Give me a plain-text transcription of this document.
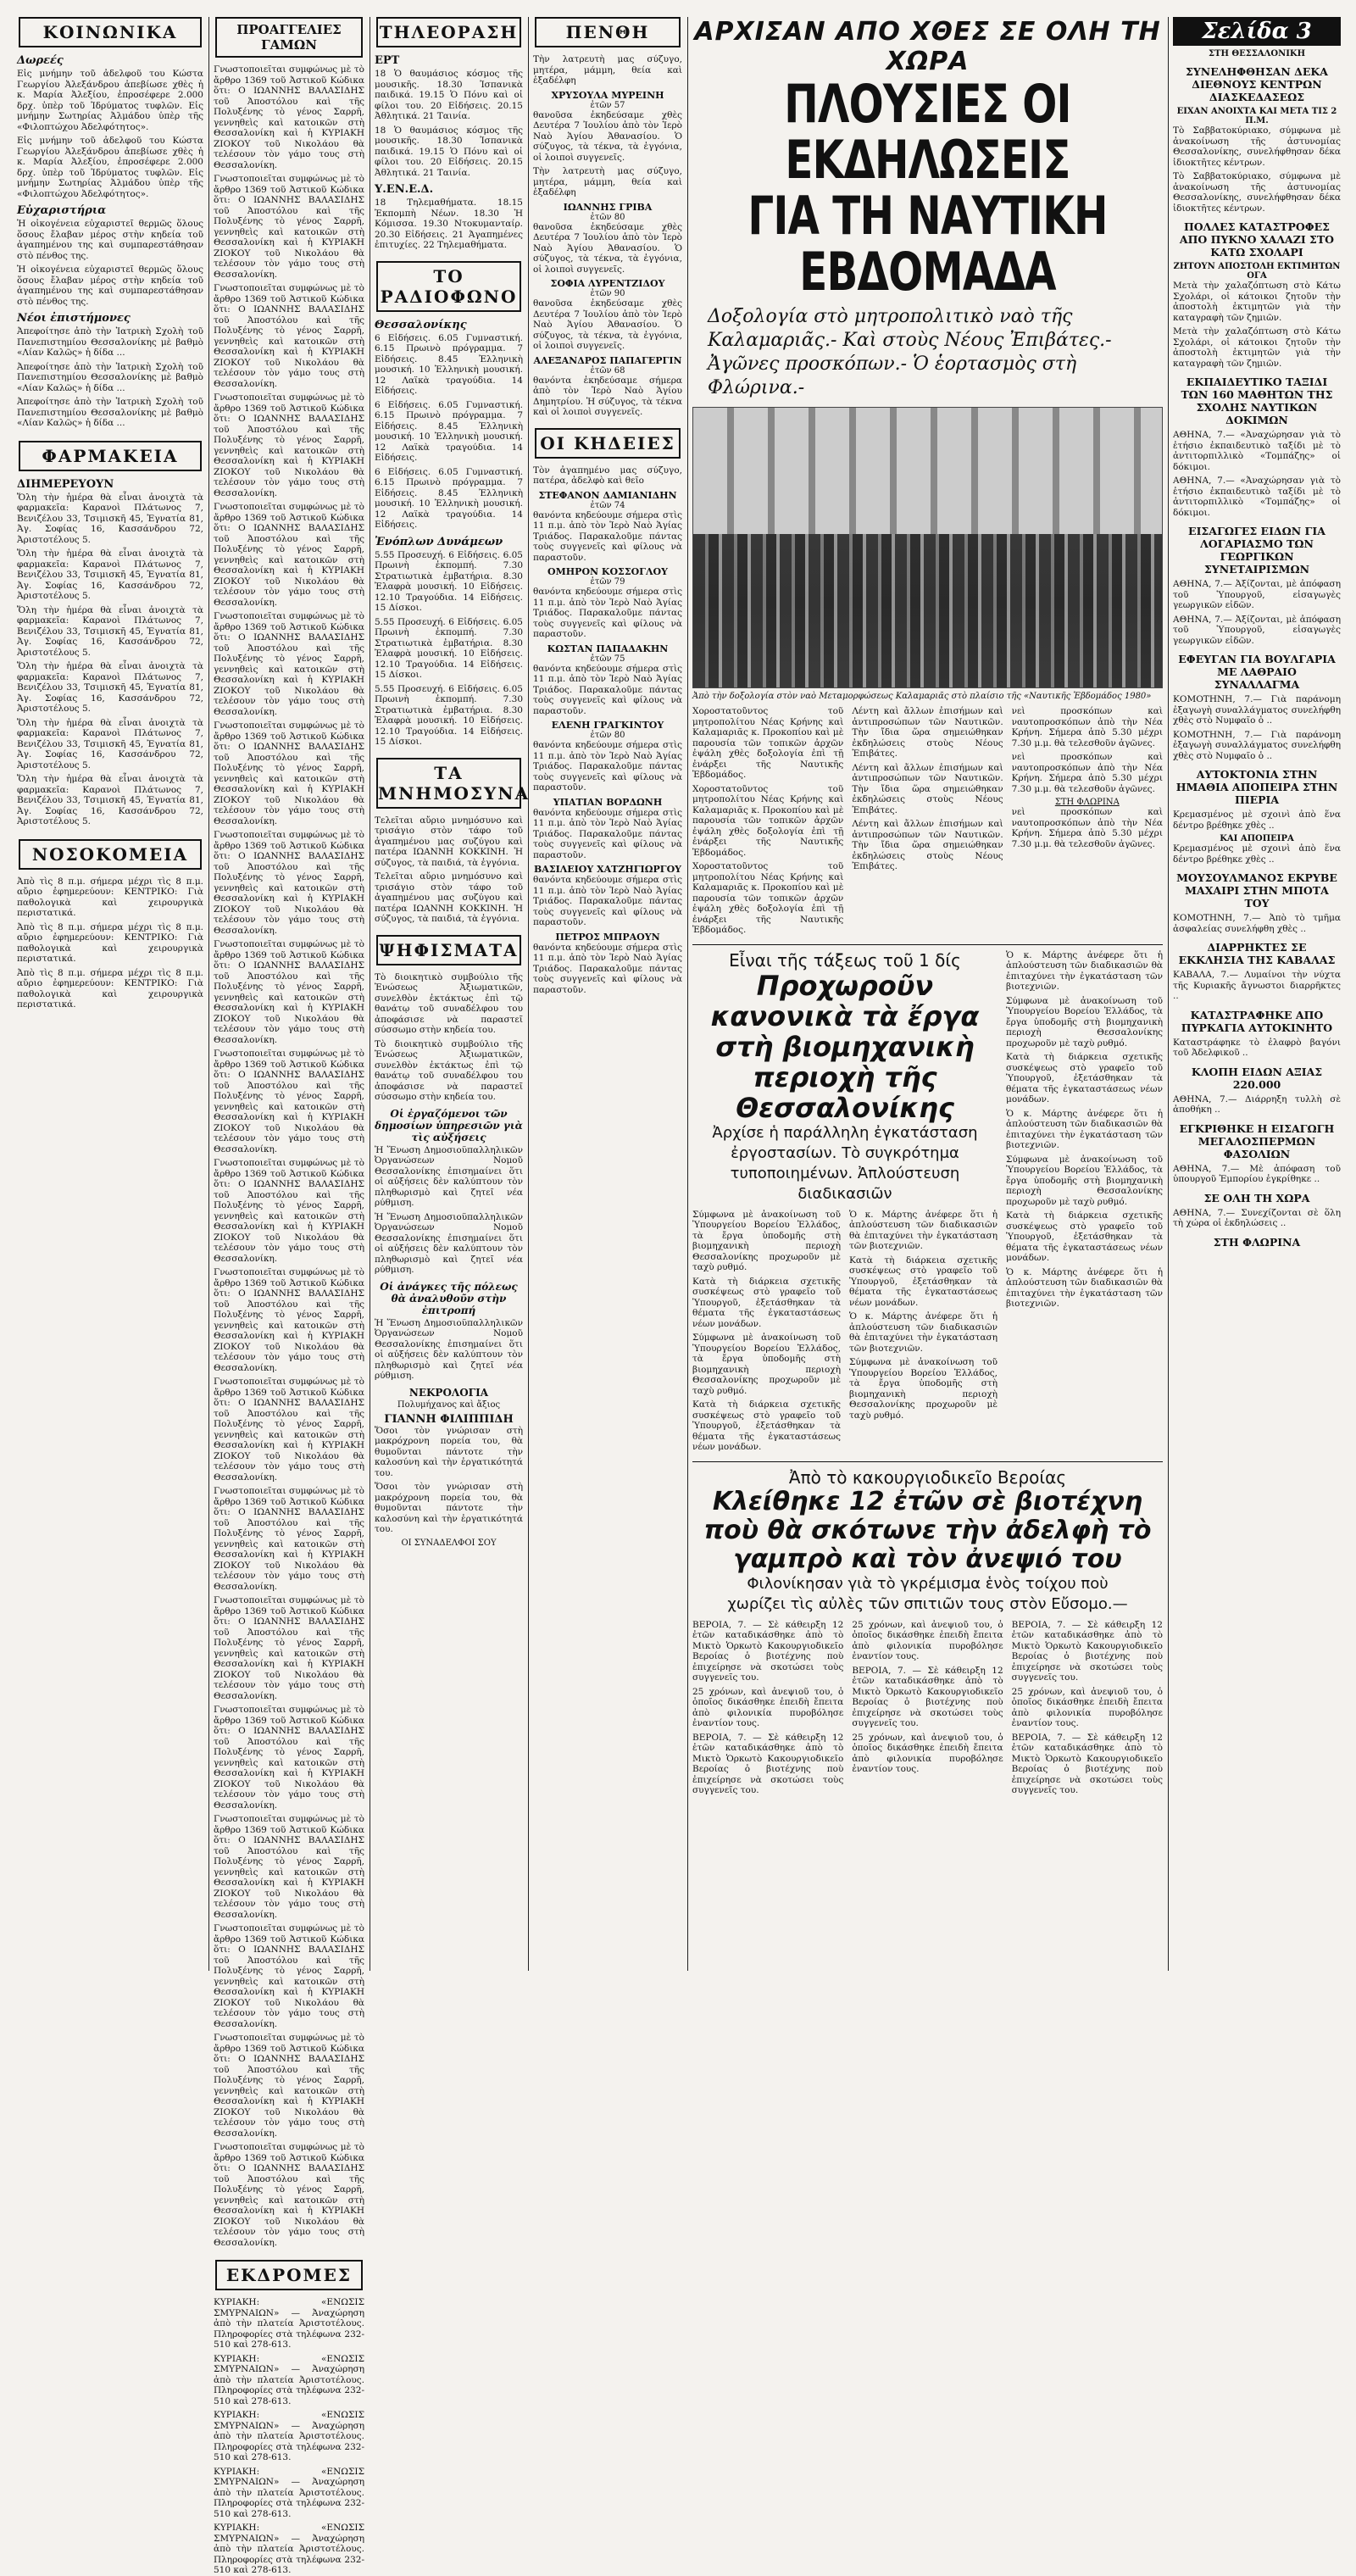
ΚΟΙΝΩΝΙΚΑ
Δωρεές

Εἰς μνήμην τοῦ ἀδελφοῦ του Κώστα Γεωργίου Ἀλεξάνδρου ἀπεβίωσε χθὲς ἡ κ. Μαρία Ἀλεξίου, ἐπροσέφερε 2.000 δρχ. ὑπὲρ τοῦ Ἰδρύματος τυφλῶν. Εἰς μνήμην Σωτηρίας Ἀλμάδου ὑπὲρ τῆς «Φιλοπτώχου Ἀδελφότητος».

Εἰς μνήμην τοῦ ἀδελφοῦ του Κώστα Γεωργίου Ἀλεξάνδρου ἀπεβίωσε χθὲς ἡ κ. Μαρία Ἀλεξίου, ἐπροσέφερε 2.000 δρχ. ὑπὲρ τοῦ Ἰδρύματος τυφλῶν. Εἰς μνήμην Σωτηρίας Ἀλμάδου ὑπὲρ τῆς «Φιλοπτώχου Ἀδελφότητος».

Εὐχαριστήρια

Ἡ οἰκογένεια εὐχαριστεῖ θερμῶς ὅλους ὅσους ἔλαβαν μέρος στὴν κηδεία τοῦ ἀγαπημένου της καὶ συμπαρεστάθησαν στὸ πένθος της.

Ἡ οἰκογένεια εὐχαριστεῖ θερμῶς ὅλους ὅσους ἔλαβαν μέρος στὴν κηδεία τοῦ ἀγαπημένου της καὶ συμπαρεστάθησαν στὸ πένθος της.

Νέοι ἐπιστήμονες

Ἀπεφοίτησε ἀπὸ τὴν Ἰατρικὴ Σχολὴ τοῦ Πανεπιστημίου Θεσσαλονίκης μὲ βαθμὸ «Λίαν Καλῶς» ἡ δίδα ...

Ἀπεφοίτησε ἀπὸ τὴν Ἰατρικὴ Σχολὴ τοῦ Πανεπιστημίου Θεσσαλονίκης μὲ βαθμὸ «Λίαν Καλῶς» ἡ δίδα ...

Ἀπεφοίτησε ἀπὸ τὴν Ἰατρικὴ Σχολὴ τοῦ Πανεπιστημίου Θεσσαλονίκης μὲ βαθμὸ «Λίαν Καλῶς» ἡ δίδα ...

ΦΑΡΜΑΚΕΙΑ
ΔΙΗΜΕΡΕΥΟΥΝ

Ὅλη τὴν ἡμέρα θὰ εἶναι ἀνοιχτὰ τὰ φαρμακεῖα: Καρανοὶ Πλάτωνος 7, Βενιζέλου 33, Τσιμισκῆ 45, Ἐγνατία 81, Ἀγ. Σοφίας 16, Κασσάνδρου 72, Ἀριστοτέλους 5.

Ὅλη τὴν ἡμέρα θὰ εἶναι ἀνοιχτὰ τὰ φαρμακεῖα: Καρανοὶ Πλάτωνος 7, Βενιζέλου 33, Τσιμισκῆ 45, Ἐγνατία 81, Ἀγ. Σοφίας 16, Κασσάνδρου 72, Ἀριστοτέλους 5.

Ὅλη τὴν ἡμέρα θὰ εἶναι ἀνοιχτὰ τὰ φαρμακεῖα: Καρανοὶ Πλάτωνος 7, Βενιζέλου 33, Τσιμισκῆ 45, Ἐγνατία 81, Ἀγ. Σοφίας 16, Κασσάνδρου 72, Ἀριστοτέλους 5.

Ὅλη τὴν ἡμέρα θὰ εἶναι ἀνοιχτὰ τὰ φαρμακεῖα: Καρανοὶ Πλάτωνος 7, Βενιζέλου 33, Τσιμισκῆ 45, Ἐγνατία 81, Ἀγ. Σοφίας 16, Κασσάνδρου 72, Ἀριστοτέλους 5.

Ὅλη τὴν ἡμέρα θὰ εἶναι ἀνοιχτὰ τὰ φαρμακεῖα: Καρανοὶ Πλάτωνος 7, Βενιζέλου 33, Τσιμισκῆ 45, Ἐγνατία 81, Ἀγ. Σοφίας 16, Κασσάνδρου 72, Ἀριστοτέλους 5.

Ὅλη τὴν ἡμέρα θὰ εἶναι ἀνοιχτὰ τὰ φαρμακεῖα: Καρανοὶ Πλάτωνος 7, Βενιζέλου 33, Τσιμισκῆ 45, Ἐγνατία 81, Ἀγ. Σοφίας 16, Κασσάνδρου 72, Ἀριστοτέλους 5.

ΝΟΣΟΚΟΜΕΙΑ

Ἀπὸ τὶς 8 π.μ. σήμερα μέχρι τὶς 8 π.μ. αὔριο ἐφημερεύουν: ΚΕΝΤΡΙΚΟ: Γιὰ παθολογικὰ καὶ χειρουργικὰ περιστατικά.

Ἀπὸ τὶς 8 π.μ. σήμερα μέχρι τὶς 8 π.μ. αὔριο ἐφημερεύουν: ΚΕΝΤΡΙΚΟ: Γιὰ παθολογικὰ καὶ χειρουργικὰ περιστατικά.

Ἀπὸ τὶς 8 π.μ. σήμερα μέχρι τὶς 8 π.μ. αὔριο ἐφημερεύουν: ΚΕΝΤΡΙΚΟ: Γιὰ παθολογικὰ καὶ χειρουργικὰ περιστατικά.

ΠΡΟΑΓΓΕΛΙΕΣ ΓΑΜΩΝ

Γνωστοποιεῖται συμφώνως μὲ τὸ ἄρθρο 1369 τοῦ Ἀστικοῦ Κώδικα ὅτι: Ο ΙΩΑΝΝΗΣ ΒΑΛΑΣΙΔΗΣ τοῦ Ἀποστόλου καὶ τῆς Πολυξένης τὸ γένος Σαρρῆ, γεννηθεὶς καὶ κατοικῶν στὴ Θεσσαλονίκη καὶ ἡ ΚΥΡΙΑΚΗ ΖΙΟΚΟΥ τοῦ Νικολάου θὰ τελέσουν τὸν γάμο τους στὴ Θεσσαλονίκη.

Γνωστοποιεῖται συμφώνως μὲ τὸ ἄρθρο 1369 τοῦ Ἀστικοῦ Κώδικα ὅτι: Ο ΙΩΑΝΝΗΣ ΒΑΛΑΣΙΔΗΣ τοῦ Ἀποστόλου καὶ τῆς Πολυξένης τὸ γένος Σαρρῆ, γεννηθεὶς καὶ κατοικῶν στὴ Θεσσαλονίκη καὶ ἡ ΚΥΡΙΑΚΗ ΖΙΟΚΟΥ τοῦ Νικολάου θὰ τελέσουν τὸν γάμο τους στὴ Θεσσαλονίκη.

Γνωστοποιεῖται συμφώνως μὲ τὸ ἄρθρο 1369 τοῦ Ἀστικοῦ Κώδικα ὅτι: Ο ΙΩΑΝΝΗΣ ΒΑΛΑΣΙΔΗΣ τοῦ Ἀποστόλου καὶ τῆς Πολυξένης τὸ γένος Σαρρῆ, γεννηθεὶς καὶ κατοικῶν στὴ Θεσσαλονίκη καὶ ἡ ΚΥΡΙΑΚΗ ΖΙΟΚΟΥ τοῦ Νικολάου θὰ τελέσουν τὸν γάμο τους στὴ Θεσσαλονίκη.

Γνωστοποιεῖται συμφώνως μὲ τὸ ἄρθρο 1369 τοῦ Ἀστικοῦ Κώδικα ὅτι: Ο ΙΩΑΝΝΗΣ ΒΑΛΑΣΙΔΗΣ τοῦ Ἀποστόλου καὶ τῆς Πολυξένης τὸ γένος Σαρρῆ, γεννηθεὶς καὶ κατοικῶν στὴ Θεσσαλονίκη καὶ ἡ ΚΥΡΙΑΚΗ ΖΙΟΚΟΥ τοῦ Νικολάου θὰ τελέσουν τὸν γάμο τους στὴ Θεσσαλονίκη.

Γνωστοποιεῖται συμφώνως μὲ τὸ ἄρθρο 1369 τοῦ Ἀστικοῦ Κώδικα ὅτι: Ο ΙΩΑΝΝΗΣ ΒΑΛΑΣΙΔΗΣ τοῦ Ἀποστόλου καὶ τῆς Πολυξένης τὸ γένος Σαρρῆ, γεννηθεὶς καὶ κατοικῶν στὴ Θεσσαλονίκη καὶ ἡ ΚΥΡΙΑΚΗ ΖΙΟΚΟΥ τοῦ Νικολάου θὰ τελέσουν τὸν γάμο τους στὴ Θεσσαλονίκη.

Γνωστοποιεῖται συμφώνως μὲ τὸ ἄρθρο 1369 τοῦ Ἀστικοῦ Κώδικα ὅτι: Ο ΙΩΑΝΝΗΣ ΒΑΛΑΣΙΔΗΣ τοῦ Ἀποστόλου καὶ τῆς Πολυξένης τὸ γένος Σαρρῆ, γεννηθεὶς καὶ κατοικῶν στὴ Θεσσαλονίκη καὶ ἡ ΚΥΡΙΑΚΗ ΖΙΟΚΟΥ τοῦ Νικολάου θὰ τελέσουν τὸν γάμο τους στὴ Θεσσαλονίκη.

Γνωστοποιεῖται συμφώνως μὲ τὸ ἄρθρο 1369 τοῦ Ἀστικοῦ Κώδικα ὅτι: Ο ΙΩΑΝΝΗΣ ΒΑΛΑΣΙΔΗΣ τοῦ Ἀποστόλου καὶ τῆς Πολυξένης τὸ γένος Σαρρῆ, γεννηθεὶς καὶ κατοικῶν στὴ Θεσσαλονίκη καὶ ἡ ΚΥΡΙΑΚΗ ΖΙΟΚΟΥ τοῦ Νικολάου θὰ τελέσουν τὸν γάμο τους στὴ Θεσσαλονίκη.

Γνωστοποιεῖται συμφώνως μὲ τὸ ἄρθρο 1369 τοῦ Ἀστικοῦ Κώδικα ὅτι: Ο ΙΩΑΝΝΗΣ ΒΑΛΑΣΙΔΗΣ τοῦ Ἀποστόλου καὶ τῆς Πολυξένης τὸ γένος Σαρρῆ, γεννηθεὶς καὶ κατοικῶν στὴ Θεσσαλονίκη καὶ ἡ ΚΥΡΙΑΚΗ ΖΙΟΚΟΥ τοῦ Νικολάου θὰ τελέσουν τὸν γάμο τους στὴ Θεσσαλονίκη.

Γνωστοποιεῖται συμφώνως μὲ τὸ ἄρθρο 1369 τοῦ Ἀστικοῦ Κώδικα ὅτι: Ο ΙΩΑΝΝΗΣ ΒΑΛΑΣΙΔΗΣ τοῦ Ἀποστόλου καὶ τῆς Πολυξένης τὸ γένος Σαρρῆ, γεννηθεὶς καὶ κατοικῶν στὴ Θεσσαλονίκη καὶ ἡ ΚΥΡΙΑΚΗ ΖΙΟΚΟΥ τοῦ Νικολάου θὰ τελέσουν τὸν γάμο τους στὴ Θεσσαλονίκη.

Γνωστοποιεῖται συμφώνως μὲ τὸ ἄρθρο 1369 τοῦ Ἀστικοῦ Κώδικα ὅτι: Ο ΙΩΑΝΝΗΣ ΒΑΛΑΣΙΔΗΣ τοῦ Ἀποστόλου καὶ τῆς Πολυξένης τὸ γένος Σαρρῆ, γεννηθεὶς καὶ κατοικῶν στὴ Θεσσαλονίκη καὶ ἡ ΚΥΡΙΑΚΗ ΖΙΟΚΟΥ τοῦ Νικολάου θὰ τελέσουν τὸν γάμο τους στὴ Θεσσαλονίκη.

Γνωστοποιεῖται συμφώνως μὲ τὸ ἄρθρο 1369 τοῦ Ἀστικοῦ Κώδικα ὅτι: Ο ΙΩΑΝΝΗΣ ΒΑΛΑΣΙΔΗΣ τοῦ Ἀποστόλου καὶ τῆς Πολυξένης τὸ γένος Σαρρῆ, γεννηθεὶς καὶ κατοικῶν στὴ Θεσσαλονίκη καὶ ἡ ΚΥΡΙΑΚΗ ΖΙΟΚΟΥ τοῦ Νικολάου θὰ τελέσουν τὸν γάμο τους στὴ Θεσσαλονίκη.

Γνωστοποιεῖται συμφώνως μὲ τὸ ἄρθρο 1369 τοῦ Ἀστικοῦ Κώδικα ὅτι: Ο ΙΩΑΝΝΗΣ ΒΑΛΑΣΙΔΗΣ τοῦ Ἀποστόλου καὶ τῆς Πολυξένης τὸ γένος Σαρρῆ, γεννηθεὶς καὶ κατοικῶν στὴ Θεσσαλονίκη καὶ ἡ ΚΥΡΙΑΚΗ ΖΙΟΚΟΥ τοῦ Νικολάου θὰ τελέσουν τὸν γάμο τους στὴ Θεσσαλονίκη.

Γνωστοποιεῖται συμφώνως μὲ τὸ ἄρθρο 1369 τοῦ Ἀστικοῦ Κώδικα ὅτι: Ο ΙΩΑΝΝΗΣ ΒΑΛΑΣΙΔΗΣ τοῦ Ἀποστόλου καὶ τῆς Πολυξένης τὸ γένος Σαρρῆ, γεννηθεὶς καὶ κατοικῶν στὴ Θεσσαλονίκη καὶ ἡ ΚΥΡΙΑΚΗ ΖΙΟΚΟΥ τοῦ Νικολάου θὰ τελέσουν τὸν γάμο τους στὴ Θεσσαλονίκη.

Γνωστοποιεῖται συμφώνως μὲ τὸ ἄρθρο 1369 τοῦ Ἀστικοῦ Κώδικα ὅτι: Ο ΙΩΑΝΝΗΣ ΒΑΛΑΣΙΔΗΣ τοῦ Ἀποστόλου καὶ τῆς Πολυξένης τὸ γένος Σαρρῆ, γεννηθεὶς καὶ κατοικῶν στὴ Θεσσαλονίκη καὶ ἡ ΚΥΡΙΑΚΗ ΖΙΟΚΟΥ τοῦ Νικολάου θὰ τελέσουν τὸν γάμο τους στὴ Θεσσαλονίκη.

Γνωστοποιεῖται συμφώνως μὲ τὸ ἄρθρο 1369 τοῦ Ἀστικοῦ Κώδικα ὅτι: Ο ΙΩΑΝΝΗΣ ΒΑΛΑΣΙΔΗΣ τοῦ Ἀποστόλου καὶ τῆς Πολυξένης τὸ γένος Σαρρῆ, γεννηθεὶς καὶ κατοικῶν στὴ Θεσσαλονίκη καὶ ἡ ΚΥΡΙΑΚΗ ΖΙΟΚΟΥ τοῦ Νικολάου θὰ τελέσουν τὸν γάμο τους στὴ Θεσσαλονίκη.

Γνωστοποιεῖται συμφώνως μὲ τὸ ἄρθρο 1369 τοῦ Ἀστικοῦ Κώδικα ὅτι: Ο ΙΩΑΝΝΗΣ ΒΑΛΑΣΙΔΗΣ τοῦ Ἀποστόλου καὶ τῆς Πολυξένης τὸ γένος Σαρρῆ, γεννηθεὶς καὶ κατοικῶν στὴ Θεσσαλονίκη καὶ ἡ ΚΥΡΙΑΚΗ ΖΙΟΚΟΥ τοῦ Νικολάου θὰ τελέσουν τὸν γάμο τους στὴ Θεσσαλονίκη.

Γνωστοποιεῖται συμφώνως μὲ τὸ ἄρθρο 1369 τοῦ Ἀστικοῦ Κώδικα ὅτι: Ο ΙΩΑΝΝΗΣ ΒΑΛΑΣΙΔΗΣ τοῦ Ἀποστόλου καὶ τῆς Πολυξένης τὸ γένος Σαρρῆ, γεννηθεὶς καὶ κατοικῶν στὴ Θεσσαλονίκη καὶ ἡ ΚΥΡΙΑΚΗ ΖΙΟΚΟΥ τοῦ Νικολάου θὰ τελέσουν τὸν γάμο τους στὴ Θεσσαλονίκη.

Γνωστοποιεῖται συμφώνως μὲ τὸ ἄρθρο 1369 τοῦ Ἀστικοῦ Κώδικα ὅτι: Ο ΙΩΑΝΝΗΣ ΒΑΛΑΣΙΔΗΣ τοῦ Ἀποστόλου καὶ τῆς Πολυξένης τὸ γένος Σαρρῆ, γεννηθεὶς καὶ κατοικῶν στὴ Θεσσαλονίκη καὶ ἡ ΚΥΡΙΑΚΗ ΖΙΟΚΟΥ τοῦ Νικολάου θὰ τελέσουν τὸν γάμο τους στὴ Θεσσαλονίκη.

Γνωστοποιεῖται συμφώνως μὲ τὸ ἄρθρο 1369 τοῦ Ἀστικοῦ Κώδικα ὅτι: Ο ΙΩΑΝΝΗΣ ΒΑΛΑΣΙΔΗΣ τοῦ Ἀποστόλου καὶ τῆς Πολυξένης τὸ γένος Σαρρῆ, γεννηθεὶς καὶ κατοικῶν στὴ Θεσσαλονίκη καὶ ἡ ΚΥΡΙΑΚΗ ΖΙΟΚΟΥ τοῦ Νικολάου θὰ τελέσουν τὸν γάμο τους στὴ Θεσσαλονίκη.

Γνωστοποιεῖται συμφώνως μὲ τὸ ἄρθρο 1369 τοῦ Ἀστικοῦ Κώδικα ὅτι: Ο ΙΩΑΝΝΗΣ ΒΑΛΑΣΙΔΗΣ τοῦ Ἀποστόλου καὶ τῆς Πολυξένης τὸ γένος Σαρρῆ, γεννηθεὶς καὶ κατοικῶν στὴ Θεσσαλονίκη καὶ ἡ ΚΥΡΙΑΚΗ ΖΙΟΚΟΥ τοῦ Νικολάου θὰ τελέσουν τὸν γάμο τους στὴ Θεσσαλονίκη.

ΕΚΔΡΟΜΕΣ

ΚΥΡΙΑΚΗ: «ΕΝΩΣΙΣ ΣΜΥΡΝΑΙΩΝ» — Ἀναχώρηση ἀπὸ τὴν πλατεία Ἀριστοτέλους. Πληροφορίες στὰ τηλέφωνα 232-510 καὶ 278-613.

ΚΥΡΙΑΚΗ: «ΕΝΩΣΙΣ ΣΜΥΡΝΑΙΩΝ» — Ἀναχώρηση ἀπὸ τὴν πλατεία Ἀριστοτέλους. Πληροφορίες στὰ τηλέφωνα 232-510 καὶ 278-613.

ΚΥΡΙΑΚΗ: «ΕΝΩΣΙΣ ΣΜΥΡΝΑΙΩΝ» — Ἀναχώρηση ἀπὸ τὴν πλατεία Ἀριστοτέλους. Πληροφορίες στὰ τηλέφωνα 232-510 καὶ 278-613.

ΚΥΡΙΑΚΗ: «ΕΝΩΣΙΣ ΣΜΥΡΝΑΙΩΝ» — Ἀναχώρηση ἀπὸ τὴν πλατεία Ἀριστοτέλους. Πληροφορίες στὰ τηλέφωνα 232-510 καὶ 278-613.

ΚΥΡΙΑΚΗ: «ΕΝΩΣΙΣ ΣΜΥΡΝΑΙΩΝ» — Ἀναχώρηση ἀπὸ τὴν πλατεία Ἀριστοτέλους. Πληροφορίες στὰ τηλέφωνα 232-510 καὶ 278-613.

ΤΗΛΕΟΡΑΣΗ
ΕΡΤ

18 Ὁ θαυμάσιος κόσμος τῆς μουσικῆς. 18.30 Ἰσπανικὰ παιδικά. 19.15 Ὁ Πόνυ καὶ οἱ φίλοι του. 20 Εἰδήσεις. 20.15 Ἀθλητικά. 21 Ταινία.

18 Ὁ θαυμάσιος κόσμος τῆς μουσικῆς. 18.30 Ἰσπανικὰ παιδικά. 19.15 Ὁ Πόνυ καὶ οἱ φίλοι του. 20 Εἰδήσεις. 20.15 Ἀθλητικά. 21 Ταινία.

Υ.ΕΝ.Ε.Δ.

18 Τηλεμαθήματα. 18.15 Ἐκπομπὴ Νέων. 18.30 Ἡ Κόμισσα. 19.30 Ντοκυμανταίρ. 20.30 Εἰδήσεις. 21 Ἀγαπημένες ἐπιτυχίες. 22 Τηλεμαθήματα.

ΤΟ ΡΑΔΙΟΦΩΝΟ
Θεσσαλονίκης

6 Εἰδήσεις. 6.05 Γυμναστική. 6.15 Πρωινὸ πρόγραμμα. 7 Εἰδήσεις. 8.45 Ἐλληνικὴ μουσική. 10 Ἐλληνικὴ μουσική. 12 Λαϊκὰ τραγούδια. 14 Εἰδήσεις.

6 Εἰδήσεις. 6.05 Γυμναστική. 6.15 Πρωινὸ πρόγραμμα. 7 Εἰδήσεις. 8.45 Ἐλληνικὴ μουσική. 10 Ἐλληνικὴ μουσική. 12 Λαϊκὰ τραγούδια. 14 Εἰδήσεις.

6 Εἰδήσεις. 6.05 Γυμναστική. 6.15 Πρωινὸ πρόγραμμα. 7 Εἰδήσεις. 8.45 Ἐλληνικὴ μουσική. 10 Ἐλληνικὴ μουσική. 12 Λαϊκὰ τραγούδια. 14 Εἰδήσεις.

Ἐνόπλων Δυνάμεων

5.55 Προσευχή. 6 Εἰδήσεις. 6.05 Πρωινὴ ἐκπομπή. 7.30 Στρατιωτικὰ ἐμβατήρια. 8.30 Ἐλαφρὰ μουσική. 10 Εἰδήσεις. 12.10 Τραγούδια. 14 Εἰδήσεις. 15 Δίσκοι.

5.55 Προσευχή. 6 Εἰδήσεις. 6.05 Πρωινὴ ἐκπομπή. 7.30 Στρατιωτικὰ ἐμβατήρια. 8.30 Ἐλαφρὰ μουσική. 10 Εἰδήσεις. 12.10 Τραγούδια. 14 Εἰδήσεις. 15 Δίσκοι.

5.55 Προσευχή. 6 Εἰδήσεις. 6.05 Πρωινὴ ἐκπομπή. 7.30 Στρατιωτικὰ ἐμβατήρια. 8.30 Ἐλαφρὰ μουσική. 10 Εἰδήσεις. 12.10 Τραγούδια. 14 Εἰδήσεις. 15 Δίσκοι.

ΤΑ ΜΝΗΜΟΣΥΝΑ

Τελεῖται αὔριο μνημόσυνο καὶ τρισάγιο στὸν τάφο τοῦ ἀγαπημένου μας συζύγου καὶ πατέρα ΙΩΑΝΝΗ ΚΟΚΚΙΝΗ. Ἡ σύζυγος, τὰ παιδιά, τὰ ἐγγόνια.

Τελεῖται αὔριο μνημόσυνο καὶ τρισάγιο στὸν τάφο τοῦ ἀγαπημένου μας συζύγου καὶ πατέρα ΙΩΑΝΝΗ ΚΟΚΚΙΝΗ. Ἡ σύζυγος, τὰ παιδιά, τὰ ἐγγόνια.

ΨΗΦΙΣΜΑΤΑ

Τὸ διοικητικὸ συμβούλιο τῆς Ἑνώσεως Ἀξιωματικῶν, συνελθὸν ἐκτάκτως ἐπὶ τῷ θανάτῳ τοῦ συναδέλφου του ἀποφάσισε νὰ παραστεῖ σύσσωμο στὴν κηδεία του.

Τὸ διοικητικὸ συμβούλιο τῆς Ἑνώσεως Ἀξιωματικῶν, συνελθὸν ἐκτάκτως ἐπὶ τῷ θανάτῳ τοῦ συναδέλφου του ἀποφάσισε νὰ παραστεῖ σύσσωμο στὴν κηδεία του.

Οἱ ἐργαζόμενοι τῶν δημοσίων ὑπηρεσιῶν γιὰ τὶς αὐξήσεις

Ἡ Ἕνωση Δημοσιοϋπαλληλικῶν Ὀργανώσεων Νομοῦ Θεσσαλονίκης ἐπισημαίνει ὅτι οἱ αὐξήσεις δὲν καλύπτουν τὸν πληθωρισμὸ καὶ ζητεῖ νέα ρύθμιση.

Ἡ Ἕνωση Δημοσιοϋπαλληλικῶν Ὀργανώσεων Νομοῦ Θεσσαλονίκης ἐπισημαίνει ὅτι οἱ αὐξήσεις δὲν καλύπτουν τὸν πληθωρισμὸ καὶ ζητεῖ νέα ρύθμιση.

Οἱ ἀνάγκες τῆς πόλεως θὰ ἀναλυθοῦν στὴν ἐπιτροπή

Ἡ Ἕνωση Δημοσιοϋπαλληλικῶν Ὀργανώσεων Νομοῦ Θεσσαλονίκης ἐπισημαίνει ὅτι οἱ αὐξήσεις δὲν καλύπτουν τὸν πληθωρισμὸ καὶ ζητεῖ νέα ρύθμιση.

ΝΕΚΡΟΛΟΓΙΑ
Πολυμήχανος καὶ ἄξιος
ΓΙΑΝΝΗ ΦΙΛΙΠΠΙΔΗ

Ὅσοι τὸν γνώρισαν στὴ μακρόχρονη πορεία του, θὰ θυμοῦνται πάντοτε τὴν καλοσύνη καὶ τὴν ἐργατικότητά του.

Ὅσοι τὸν γνώρισαν στὴ μακρόχρονη πορεία του, θὰ θυμοῦνται πάντοτε τὴν καλοσύνη καὶ τὴν ἐργατικότητά του.

ΟΙ ΣΥΝΑΔΕΛΦΟΙ ΣΟΥ
ΠΕΝΘΗ

Τὴν λατρευτὴ μας σύζυγο, μητέρα, μάμμη, θεία καὶ ἐξαδέλφη

ΧΡΥΣΟΥΛΑ ΜΥΡΕΙΝΗ
ἐτῶν 57

θανοῦσα ἐκηδεύσαμε χθὲς Δευτέρα 7 Ἰουλίου ἀπὸ τὸν Ἱερὸ Ναὸ Ἁγίου Ἀθανασίου. Ὁ σύζυγος, τὰ τέκνα, τὰ ἐγγόνια, οἱ λοιποὶ συγγενεῖς.

Τὴν λατρευτὴ μας σύζυγο, μητέρα, μάμμη, θεία καὶ ἐξαδέλφη

ΙΩΑΝΝΗΣ ΓΡΙΒΑ
ἐτῶν 80

θανοῦσα ἐκηδεύσαμε χθὲς Δευτέρα 7 Ἰουλίου ἀπὸ τὸν Ἱερὸ Ναὸ Ἁγίου Ἀθανασίου. Ὁ σύζυγος, τὰ τέκνα, τὰ ἐγγόνια, οἱ λοιποὶ συγγενεῖς.

ΣΟΦΙΑ ΛΥΡΕΝΤΖΙΔΟΥ
ἐτῶν 90

θανοῦσα ἐκηδεύσαμε χθὲς Δευτέρα 7 Ἰουλίου ἀπὸ τὸν Ἱερὸ Ναὸ Ἁγίου Ἀθανασίου. Ὁ σύζυγος, τὰ τέκνα, τὰ ἐγγόνια, οἱ λοιποὶ συγγενεῖς.

ΑΛΕΞΑΝΔΡΟΣ ΠΑΠΑΓΕΡΓΙΝ
ἐτῶν 68

θανόντα ἐκηδεύσαμε σήμερα ἀπὸ τὸν Ἱερὸ Ναὸ Ἁγίου Δημητρίου. Ἡ σύζυγος, τὰ τέκνα καὶ οἱ λοιποὶ συγγενεῖς.

ΟΙ ΚΗΔΕΙΕΣ

Τὸν ἀγαπημένο μας σύζυγο, πατέρα, ἀδελφὸ καὶ θεῖο

ΣΤΕΦΑΝΟΝ ΔΑΜΙΑΝΙΔΗΝ
ἐτῶν 74

θανόντα κηδεύουμε σήμερα στὶς 11 π.μ. ἀπὸ τὸν Ἱερὸ Ναὸ Ἁγίας Τριάδος. Παρακαλοῦμε πάντας τοὺς συγγενεῖς καὶ φίλους νὰ παραστοῦν.

ΟΜΗΡΟΝ ΚΟΣΣΟΓΛΟΥ
ἐτῶν 79

θανόντα κηδεύουμε σήμερα στὶς 11 π.μ. ἀπὸ τὸν Ἱερὸ Ναὸ Ἁγίας Τριάδος. Παρακαλοῦμε πάντας τοὺς συγγενεῖς καὶ φίλους νὰ παραστοῦν.

ΚΩΣΤΑΝ ΠΑΠΑΔΑΚΗΝ
ἐτῶν 75

θανόντα κηδεύουμε σήμερα στὶς 11 π.μ. ἀπὸ τὸν Ἱερὸ Ναὸ Ἁγίας Τριάδος. Παρακαλοῦμε πάντας τοὺς συγγενεῖς καὶ φίλους νὰ παραστοῦν.

ΕΛΕΝΗ ΓΡΑΓΚΙΝΤΟΥ
ἐτῶν 80

θανόντα κηδεύουμε σήμερα στὶς 11 π.μ. ἀπὸ τὸν Ἱερὸ Ναὸ Ἁγίας Τριάδος. Παρακαλοῦμε πάντας τοὺς συγγενεῖς καὶ φίλους νὰ παραστοῦν.

ΥΠΑΤΙΑΝ ΒΟΡΔΩΝΗ

θανόντα κηδεύουμε σήμερα στὶς 11 π.μ. ἀπὸ τὸν Ἱερὸ Ναὸ Ἁγίας Τριάδος. Παρακαλοῦμε πάντας τοὺς συγγενεῖς καὶ φίλους νὰ παραστοῦν.

ΒΑΣΙΛΕΙΟΥ ΧΑΤΖΗΓΙΩΡΓΟΥ

θανόντα κηδεύουμε σήμερα στὶς 11 π.μ. ἀπὸ τὸν Ἱερὸ Ναὸ Ἁγίας Τριάδος. Παρακαλοῦμε πάντας τοὺς συγγενεῖς καὶ φίλους νὰ παραστοῦν.

ΠΕΤΡΟΣ ΜΠΡΑΟΥΝ

θανόντα κηδεύουμε σήμερα στὶς 11 π.μ. ἀπὸ τὸν Ἱερὸ Ναὸ Ἁγίας Τριάδος. Παρακαλοῦμε πάντας τοὺς συγγενεῖς καὶ φίλους νὰ παραστοῦν.

ΑΡΧΙΣΑΝ ΑΠΟ ΧΘΕΣ ΣΕ ΟΛΗ ΤΗ ΧΩΡΑ
ΠΛΟΥΣΙΕΣ ΟΙ ΕΚΔΗΛΩΣΕΙΣ
ΓΙΑ ΤΗ ΝΑΥΤΙΚΗ ΕΒΔΟΜΑΔΑ
Δοξολογία στὸ μητροπολιτικὸ ναὸ τῆς Καλαμαριᾶς.- Καὶ στοὺς Νέους Ἐπιβάτες.- Ἀγῶνες προσκόπων.- Ὁ ἑορτασμὸς στὴ Φλώρινα.-
Ἀπὸ τὴν δοξολογία στὸν ναὸ Μεταμορφώσεως Καλαμαριᾶς στὸ πλαίσιο τῆς «Ναυτικῆς Ἑβδομάδος 1980»

Χοροστατοῦντος τοῦ μητροπολίτου Νέας Κρήνης καὶ Καλαμαριᾶς κ. Προκοπίου καὶ μὲ παρουσία τῶν τοπικῶν ἀρχῶν ἐψάλη χθὲς δοξολογία ἐπὶ τῇ ἐνάρξει τῆς Ναυτικῆς Ἑβδομάδος.

Χοροστατοῦντος τοῦ μητροπολίτου Νέας Κρήνης καὶ Καλαμαριᾶς κ. Προκοπίου καὶ μὲ παρουσία τῶν τοπικῶν ἀρχῶν ἐψάλη χθὲς δοξολογία ἐπὶ τῇ ἐνάρξει τῆς Ναυτικῆς Ἑβδομάδος.

Χοροστατοῦντος τοῦ μητροπολίτου Νέας Κρήνης καὶ Καλαμαριᾶς κ. Προκοπίου καὶ μὲ παρουσία τῶν τοπικῶν ἀρχῶν ἐψάλη χθὲς δοξολογία ἐπὶ τῇ ἐνάρξει τῆς Ναυτικῆς Ἑβδομάδος.

Λέντη καὶ ἄλλων ἐπισήμων καὶ ἀντιπροσώπων τῶν Ναυτικῶν. Τὴν ἴδια ὥρα σημειώθηκαν ἐκδηλώσεις στοὺς Νέους Ἐπιβάτες.

Λέντη καὶ ἄλλων ἐπισήμων καὶ ἀντιπροσώπων τῶν Ναυτικῶν. Τὴν ἴδια ὥρα σημειώθηκαν ἐκδηλώσεις στοὺς Νέους Ἐπιβάτες.

Λέντη καὶ ἄλλων ἐπισήμων καὶ ἀντιπροσώπων τῶν Ναυτικῶν. Τὴν ἴδια ὥρα σημειώθηκαν ἐκδηλώσεις στοὺς Νέους Ἐπιβάτες.

νεὶ προσκόπων καὶ ναυτοπροσκόπων ἀπὸ τὴν Νέα Κρήνη. Σήμερα ἀπὸ 5.30 μέχρι 7.30 μ.μ. θὰ τελεσθοῦν ἀγῶνες.

νεὶ προσκόπων καὶ ναυτοπροσκόπων ἀπὸ τὴν Νέα Κρήνη. Σήμερα ἀπὸ 5.30 μέχρι 7.30 μ.μ. θὰ τελεσθοῦν ἀγῶνες.

ΣΤΗ ΦΛΩΡΙΝΑ

νεὶ προσκόπων καὶ ναυτοπροσκόπων ἀπὸ τὴν Νέα Κρήνη. Σήμερα ἀπὸ 5.30 μέχρι 7.30 μ.μ. θὰ τελεσθοῦν ἀγῶνες.

Εἶναι τῆς τάξεως τοῦ 1 δίς
Προχωροῦν κανονικὰ τὰ ἔργα στὴ βιομηχανικὴ περιοχὴ τῆς Θεσσαλονίκης
Ἀρχίσε ἡ παράλληλη ἐγκατάσταση ἐργοστασίων. Τὸ συγκρότημα τυποποιημένων. Ἀπλούστευση διαδικασιῶν

Σύμφωνα μὲ ἀνακοίνωση τοῦ Ὑπουργείου Βορείου Ἑλλάδος, τὰ ἔργα ὑποδομῆς στὴ βιομηχανικὴ περιοχὴ Θεσσαλονίκης προχωροῦν μὲ ταχὺ ρυθμό.

Κατὰ τὴ διάρκεια σχετικῆς συσκέψεως στὸ γραφεῖο τοῦ Ὑπουργοῦ, ἐξετάσθηκαν τὰ θέματα τῆς ἐγκαταστάσεως νέων μονάδων.

Σύμφωνα μὲ ἀνακοίνωση τοῦ Ὑπουργείου Βορείου Ἑλλάδος, τὰ ἔργα ὑποδομῆς στὴ βιομηχανικὴ περιοχὴ Θεσσαλονίκης προχωροῦν μὲ ταχὺ ρυθμό.

Κατὰ τὴ διάρκεια σχετικῆς συσκέψεως στὸ γραφεῖο τοῦ Ὑπουργοῦ, ἐξετάσθηκαν τὰ θέματα τῆς ἐγκαταστάσεως νέων μονάδων.

Ὁ κ. Μάρτης ἀνέφερε ὅτι ἡ ἀπλούστευση τῶν διαδικασιῶν θὰ ἐπιταχύνει τὴν ἐγκατάσταση τῶν βιοτεχνιῶν.

Κατὰ τὴ διάρκεια σχετικῆς συσκέψεως στὸ γραφεῖο τοῦ Ὑπουργοῦ, ἐξετάσθηκαν τὰ θέματα τῆς ἐγκαταστάσεως νέων μονάδων.

Ὁ κ. Μάρτης ἀνέφερε ὅτι ἡ ἀπλούστευση τῶν διαδικασιῶν θὰ ἐπιταχύνει τὴν ἐγκατάσταση τῶν βιοτεχνιῶν.

Σύμφωνα μὲ ἀνακοίνωση τοῦ Ὑπουργείου Βορείου Ἑλλάδος, τὰ ἔργα ὑποδομῆς στὴ βιομηχανικὴ περιοχὴ Θεσσαλονίκης προχωροῦν μὲ ταχὺ ρυθμό.

Ὁ κ. Μάρτης ἀνέφερε ὅτι ἡ ἀπλούστευση τῶν διαδικασιῶν θὰ ἐπιταχύνει τὴν ἐγκατάσταση τῶν βιοτεχνιῶν.

Σύμφωνα μὲ ἀνακοίνωση τοῦ Ὑπουργείου Βορείου Ἑλλάδος, τὰ ἔργα ὑποδομῆς στὴ βιομηχανικὴ περιοχὴ Θεσσαλονίκης προχωροῦν μὲ ταχὺ ρυθμό.

Κατὰ τὴ διάρκεια σχετικῆς συσκέψεως στὸ γραφεῖο τοῦ Ὑπουργοῦ, ἐξετάσθηκαν τὰ θέματα τῆς ἐγκαταστάσεως νέων μονάδων.

Ὁ κ. Μάρτης ἀνέφερε ὅτι ἡ ἀπλούστευση τῶν διαδικασιῶν θὰ ἐπιταχύνει τὴν ἐγκατάσταση τῶν βιοτεχνιῶν.

Σύμφωνα μὲ ἀνακοίνωση τοῦ Ὑπουργείου Βορείου Ἑλλάδος, τὰ ἔργα ὑποδομῆς στὴ βιομηχανικὴ περιοχὴ Θεσσαλονίκης προχωροῦν μὲ ταχὺ ρυθμό.

Κατὰ τὴ διάρκεια σχετικῆς συσκέψεως στὸ γραφεῖο τοῦ Ὑπουργοῦ, ἐξετάσθηκαν τὰ θέματα τῆς ἐγκαταστάσεως νέων μονάδων.

Ὁ κ. Μάρτης ἀνέφερε ὅτι ἡ ἀπλούστευση τῶν διαδικασιῶν θὰ ἐπιταχύνει τὴν ἐγκατάσταση τῶν βιοτεχνιῶν.

Ἀπὸ τὸ κακουργιοδικεῖο Βεροίας
Κλείθηκε 12 ἐτῶν σὲ βιοτέχνη ποὺ θὰ σκότωνε τὴν ἀδελφὴ τὸ γαμπρὸ καὶ τὸν ἀνεψιό του
Φιλονίκησαν γιὰ τὸ γκρέμισμα ἑνὸς τοίχου ποὺ χωρίζει τὶς αὐλὲς τῶν σπιτιῶν τους στὸν Εὔσομο.—

ΒΕΡΟΙΑ, 7. — Σὲ κάθειρξη 12 ἐτῶν καταδικάσθηκε ἀπὸ τὸ Μικτὸ Ὁρκωτὸ Κακουργιοδικεῖο Βεροίας ὁ βιοτέχνης ποὺ ἐπιχείρησε νὰ σκοτώσει τοὺς συγγενεῖς του.

25 χρόνων, καὶ ἀνεψιοῦ του, ὁ ὁποῖος δικάσθηκε ἐπειδὴ ἔπειτα ἀπὸ φιλονικία πυροβόλησε ἐναντίον τους.

ΒΕΡΟΙΑ, 7. — Σὲ κάθειρξη 12 ἐτῶν καταδικάσθηκε ἀπὸ τὸ Μικτὸ Ὁρκωτὸ Κακουργιοδικεῖο Βεροίας ὁ βιοτέχνης ποὺ ἐπιχείρησε νὰ σκοτώσει τοὺς συγγενεῖς του.

25 χρόνων, καὶ ἀνεψιοῦ του, ὁ ὁποῖος δικάσθηκε ἐπειδὴ ἔπειτα ἀπὸ φιλονικία πυροβόλησε ἐναντίον τους.

ΒΕΡΟΙΑ, 7. — Σὲ κάθειρξη 12 ἐτῶν καταδικάσθηκε ἀπὸ τὸ Μικτὸ Ὁρκωτὸ Κακουργιοδικεῖο Βεροίας ὁ βιοτέχνης ποὺ ἐπιχείρησε νὰ σκοτώσει τοὺς συγγενεῖς του.

25 χρόνων, καὶ ἀνεψιοῦ του, ὁ ὁποῖος δικάσθηκε ἐπειδὴ ἔπειτα ἀπὸ φιλονικία πυροβόλησε ἐναντίον τους.

ΒΕΡΟΙΑ, 7. — Σὲ κάθειρξη 12 ἐτῶν καταδικάσθηκε ἀπὸ τὸ Μικτὸ Ὁρκωτὸ Κακουργιοδικεῖο Βεροίας ὁ βιοτέχνης ποὺ ἐπιχείρησε νὰ σκοτώσει τοὺς συγγενεῖς του.

25 χρόνων, καὶ ἀνεψιοῦ του, ὁ ὁποῖος δικάσθηκε ἐπειδὴ ἔπειτα ἀπὸ φιλονικία πυροβόλησε ἐναντίον τους.

ΒΕΡΟΙΑ, 7. — Σὲ κάθειρξη 12 ἐτῶν καταδικάσθηκε ἀπὸ τὸ Μικτὸ Ὁρκωτὸ Κακουργιοδικεῖο Βεροίας ὁ βιοτέχνης ποὺ ἐπιχείρησε νὰ σκοτώσει τοὺς συγγενεῖς του.

Σελίδα 3
ΣΤΗ ΘΕΣΣΑΛΟΝΙΚΗ
ΣΥΝΕΛΗΦΘΗΣΑΝ ΔΕΚΑ ΔΙΕΘΝΟΥΣ ΚΕΝΤΡΩΝ ΔΙΑΣΚΕΔΑΣΕΩΣ
ΕΙΧΑΝ ΑΝΟΙΧΤΑ ΚΑΙ ΜΕΤΑ ΤΙΣ 2 Π.Μ.

Τὸ Σαββατοκύριακο, σύμφωνα μὲ ἀνακοίνωση τῆς ἀστυνομίας Θεσσαλονίκης, συνελήφθησαν δέκα ἰδιοκτῆτες κέντρων.

Τὸ Σαββατοκύριακο, σύμφωνα μὲ ἀνακοίνωση τῆς ἀστυνομίας Θεσσαλονίκης, συνελήφθησαν δέκα ἰδιοκτῆτες κέντρων.

ΠΟΛΛΕΣ ΚΑΤΑΣΤΡΟΦΕΣ ΑΠΟ ΠΥΚΝΟ ΧΑΛΑΖΙ ΣΤΟ ΚΑΤΩ ΣΧΟΛΑΡΙ
ΖΗΤΟΥΝ ΑΠΟΣΤΟΛΗ ΕΚΤΙΜΗΤΩΝ ΟΓΑ

Μετὰ τὴν χαλαζόπτωση στὸ Κάτω Σχολάρι, οἱ κάτοικοι ζητοῦν τὴν ἀποστολὴ ἐκτιμητῶν γιὰ τὴν καταγραφὴ τῶν ζημιῶν.

Μετὰ τὴν χαλαζόπτωση στὸ Κάτω Σχολάρι, οἱ κάτοικοι ζητοῦν τὴν ἀποστολὴ ἐκτιμητῶν γιὰ τὴν καταγραφὴ τῶν ζημιῶν.

ΕΚΠΑΙΔΕΥΤΙΚΟ ΤΑΞΙΔΙ ΤΩΝ 160 ΜΑΘΗΤΩΝ ΤΗΣ ΣΧΟΛΗΣ ΝΑΥΤΙΚΩΝ ΔΟΚΙΜΩΝ

ΑΘΗΝΑ, 7.— «Ἀναχώρησαν γιὰ τὸ ἐτήσιο ἐκπαιδευτικὸ ταξίδι μὲ τὸ ἀντιτορπιλλικὸ «Τομπάζης» οἱ δόκιμοι.

ΑΘΗΝΑ, 7.— «Ἀναχώρησαν γιὰ τὸ ἐτήσιο ἐκπαιδευτικὸ ταξίδι μὲ τὸ ἀντιτορπιλλικὸ «Τομπάζης» οἱ δόκιμοι.

ΕΙΣΑΓΩΓΕΣ ΕΙΔΩΝ ΓΙΑ ΛΟΓΑΡΙΑΣΜΟ ΤΩΝ ΓΕΩΡΓΙΚΩΝ ΣΥΝΕΤΑΙΡΙΣΜΩΝ

ΑΘΗΝΑ, 7.— Ἀξίζονται, μὲ ἀπόφαση τοῦ Ὑπουργοῦ, εἰσαγωγὲς γεωργικῶν εἰδῶν.

ΑΘΗΝΑ, 7.— Ἀξίζονται, μὲ ἀπόφαση τοῦ Ὑπουργοῦ, εἰσαγωγὲς γεωργικῶν εἰδῶν.

ΕΦΕΥΓΑΝ ΓΙΑ ΒΟΥΛΓΑΡΙΑ ΜΕ ΛΑΘΡΑΙΟ ΣΥΝΑΛΛΑΓΜΑ

ΚΟΜΟΤΗΝΗ, 7.— Γιὰ παράνομη ἐξαγωγὴ συναλλάγματος συνελήφθη χθὲς στὸ Νυμφαῖο ὁ ..

ΚΟΜΟΤΗΝΗ, 7.— Γιὰ παράνομη ἐξαγωγὴ συναλλάγματος συνελήφθη χθὲς στὸ Νυμφαῖο ὁ ..

ΑΥΤΟΚΤΟΝΙΑ ΣΤΗΝ ΗΜΑΘΙΑ ΑΠΟΠΕΙΡΑ ΣΤΗΝ ΠΙΕΡΙΑ

Κρεμασμένος μὲ σχοινὶ ἀπὸ ἕνα δέντρο βρέθηκε χθὲς ..

ΚΑΙ ΑΠΟΠΕΙΡΑ

Κρεμασμένος μὲ σχοινὶ ἀπὸ ἕνα δέντρο βρέθηκε χθὲς ..

ΜΟΥΣΟΥΛΜΑΝΟΣ ΕΚΡΥΒΕ ΜΑΧΑΙΡΙ ΣΤΗΝ ΜΠΟΤΑ ΤΟΥ

ΚΟΜΟΤΗΝΗ, 7.— Ἀπὸ τὸ τμῆμα ἀσφαλείας συνελήφθη χθὲς ..

ΔΙΑΡΡΗΚΤΕΣ ΣΕ ΕΚΚΛΗΣΙΑ ΤΗΣ ΚΑΒΑΛΑΣ

ΚΑΒΑΛΑ, 7.— Λυμαίνοι τὴν νύχτα τῆς Κυριακῆς ἄγνωστοι διαρρῆκτες ..

ΚΑΤΑΣΤΡΑΦΗΚΕ ΑΠΟ ΠΥΡΚΑΓΙΑ ΑΥΤΟΚΙΝΗΤΟ

Καταστράφηκε τὸ ἐλαφρὸ βαγόνι τοῦ Ἀδελφικοῦ ..

ΚΛΟΠΗ ΕΙΔΩΝ ΑΞΙΑΣ 220.000

ΑΘΗΝΑ, 7.— Διάρρηξη τυλλὴ σὲ ἀποθήκη ..

ΕΓΚΡΙΘΗΚΕ Η ΕΙΣΑΓΩΓΗ ΜΕΓΑΛΟΣΠΕΡΜΩΝ ΦΑΣΟΛΙΩΝ

ΑΘΗΝΑ, 7.— Μὲ ἀπόφαση τοῦ ὑπουργοῦ Ἐμπορίου ἐγκρίθηκε ..

ΣΕ ΟΛΗ ΤΗ ΧΩΡΑ

ΑΘΗΝΑ, 7.— Συνεχίζονται σὲ ὅλη τὴ χώρα οἱ ἐκδηλώσεις ..

ΣΤΗ ΦΛΩΡΙΝΑ
